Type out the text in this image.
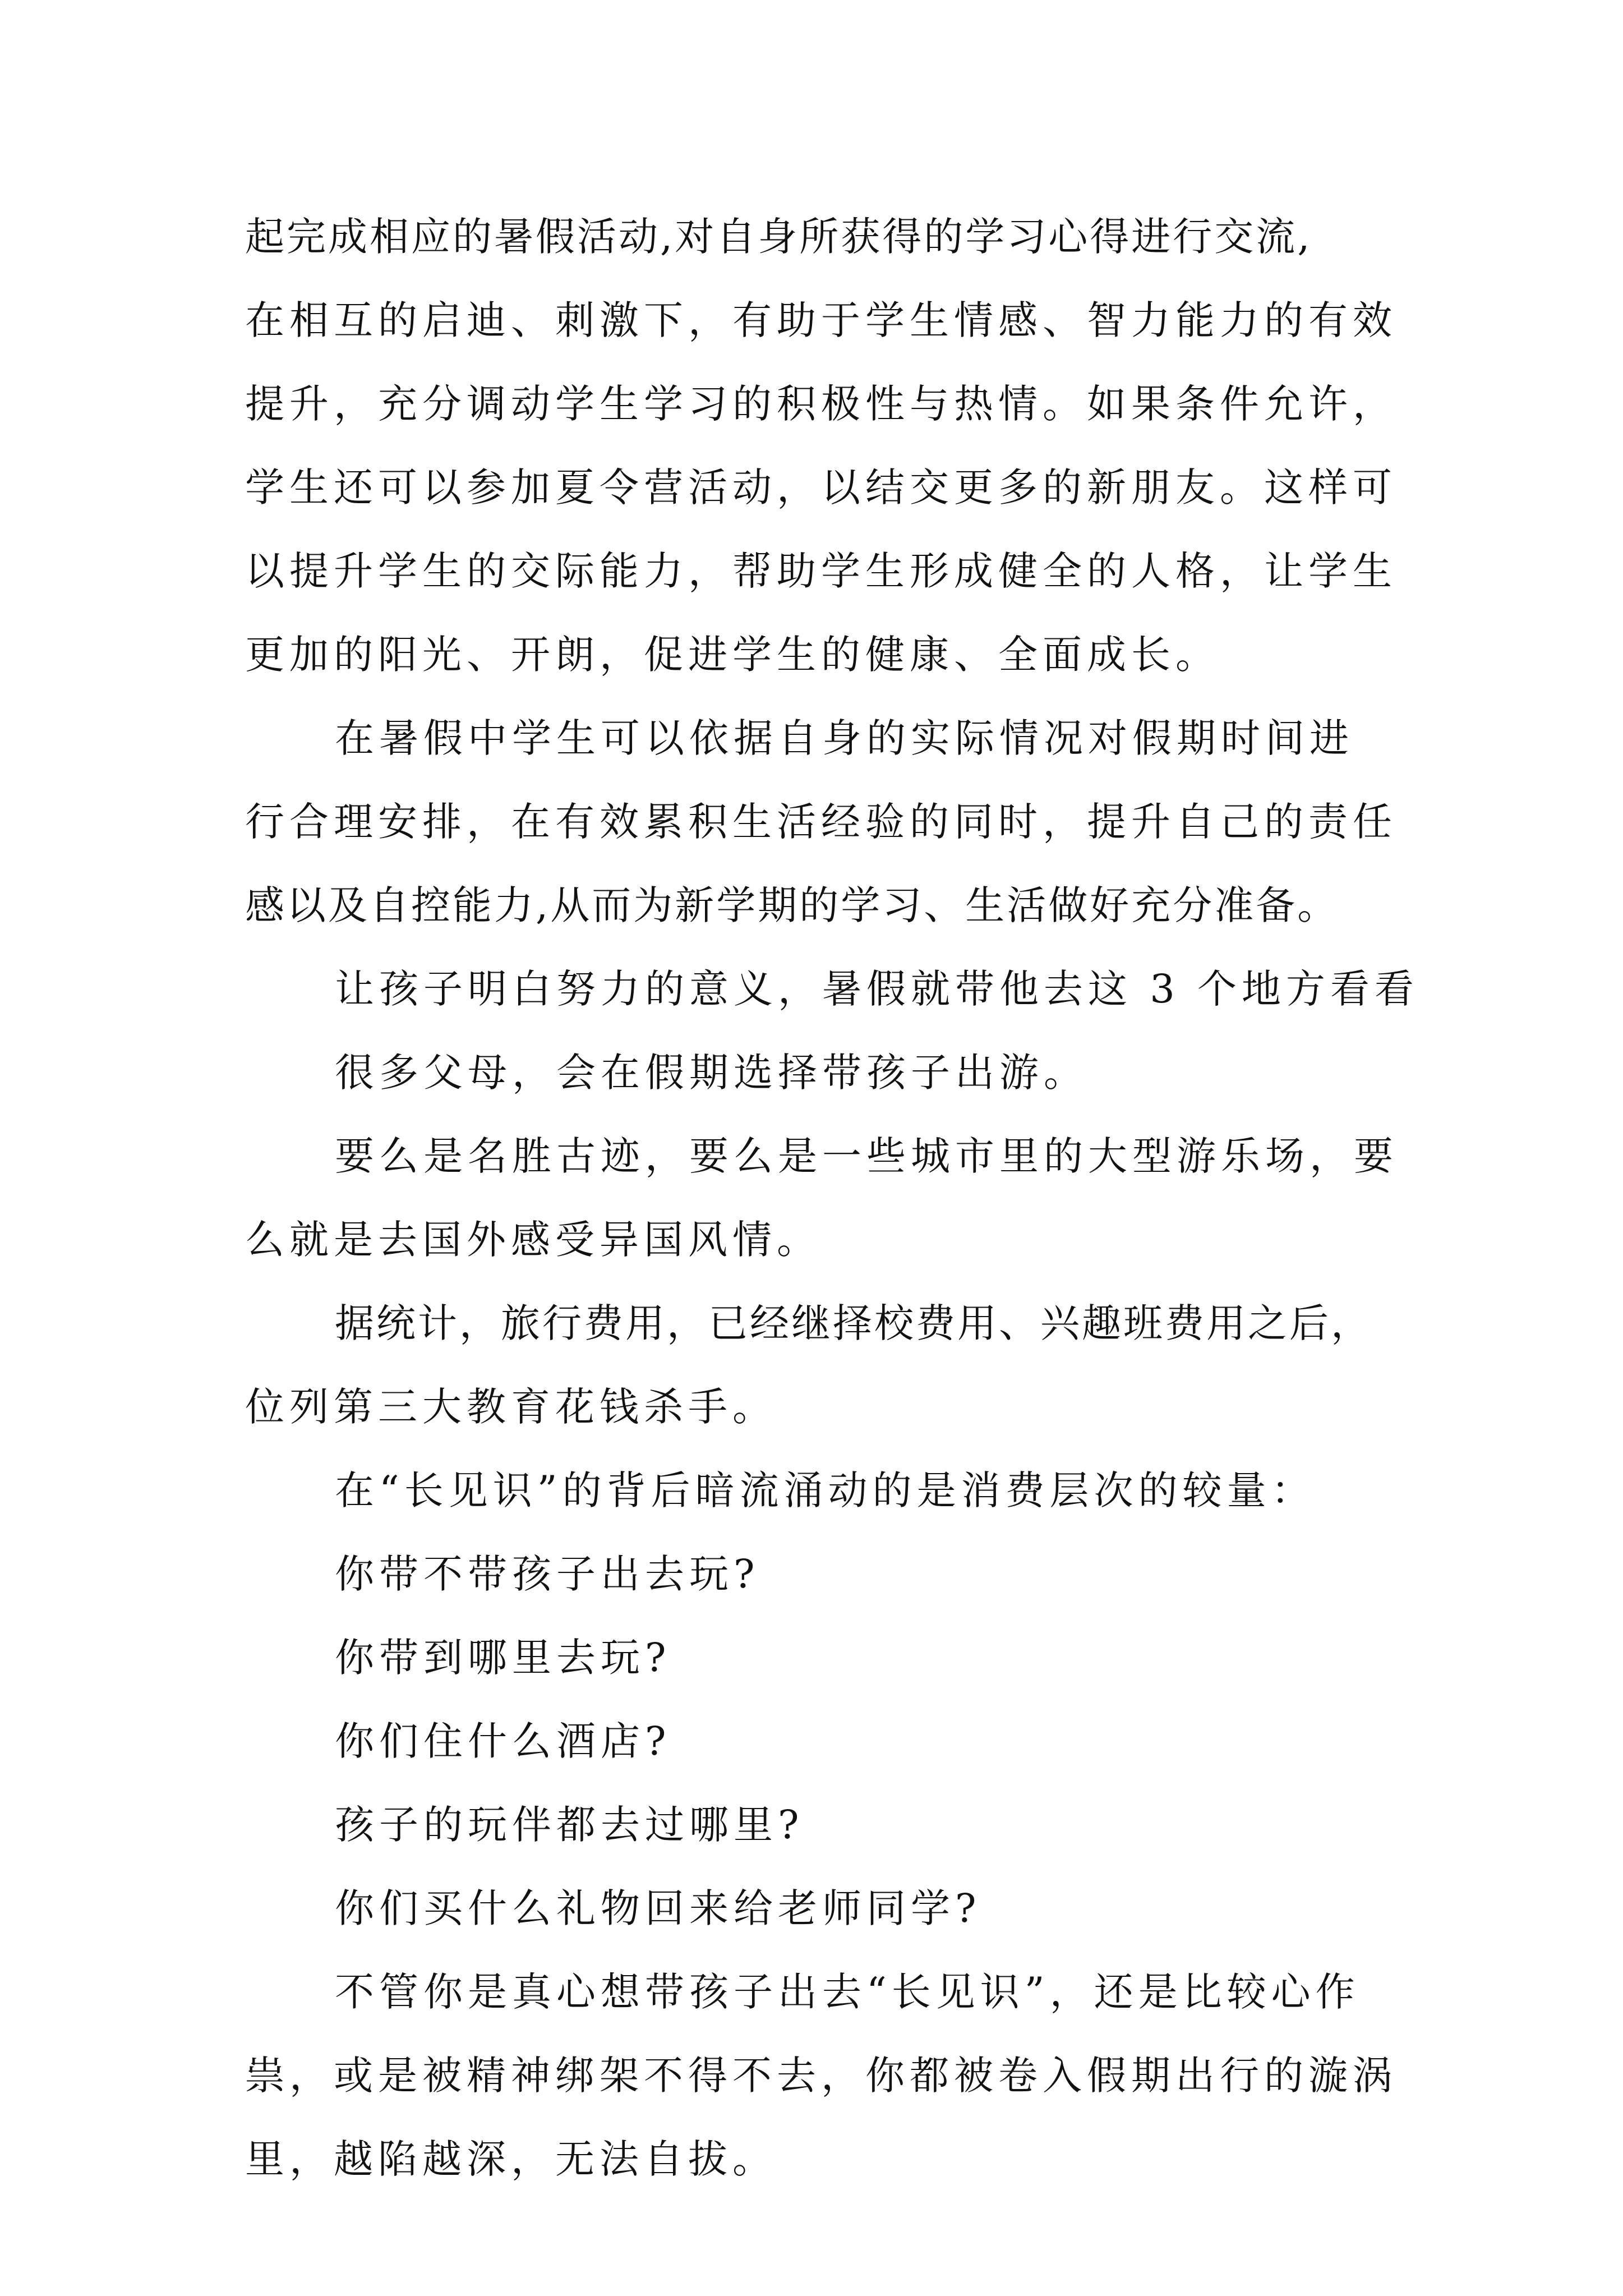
起完成相应的暑假活动,对自身所获得的学习心得进行交流,
在相互的启迪、刺激下，有助于学生情感、智力能力的有效
提升，充分调动学生学习的积极性与热情。如果条件允许，
学生还可以参加夏令营活动，以结交更多的新朋友。这样可
以提升学生的交际能力，帮助学生形成健全的人格，让学生
更加的阳光、开朗，促进学生的健康、全面成长。
在暑假中学生可以依据自身的实际情况对假期时间进
行合理安排，在有效累积生活经验的同时，提升自己的责任
感以及自控能力,从而为新学期的学习、生活做好充分准备。
让孩子明白努力的意义，暑假就带他去这 3 个地方看看
很多父母，会在假期选择带孩子出游。
要么是名胜古迹，要么是一些城市里的大型游乐场，要
么就是去国外感受异国风情。
据统计，旅行费用，已经继择校费用、兴趣班费用之后，
位列第三大教育花钱杀手。
在“长见识”的背后暗流涌动的是消费层次的较量：
你带不带孩子出去玩?
你带到哪里去玩?
你们住什么酒店?
孩子的玩伴都去过哪里?
你们买什么礼物回来给老师同学?
不管你是真心想带孩子出去“长见识”，还是比较心作
祟，或是被精神绑架不得不去，你都被卷入假期出行的漩涡
里，越陷越深，无法自拔。
